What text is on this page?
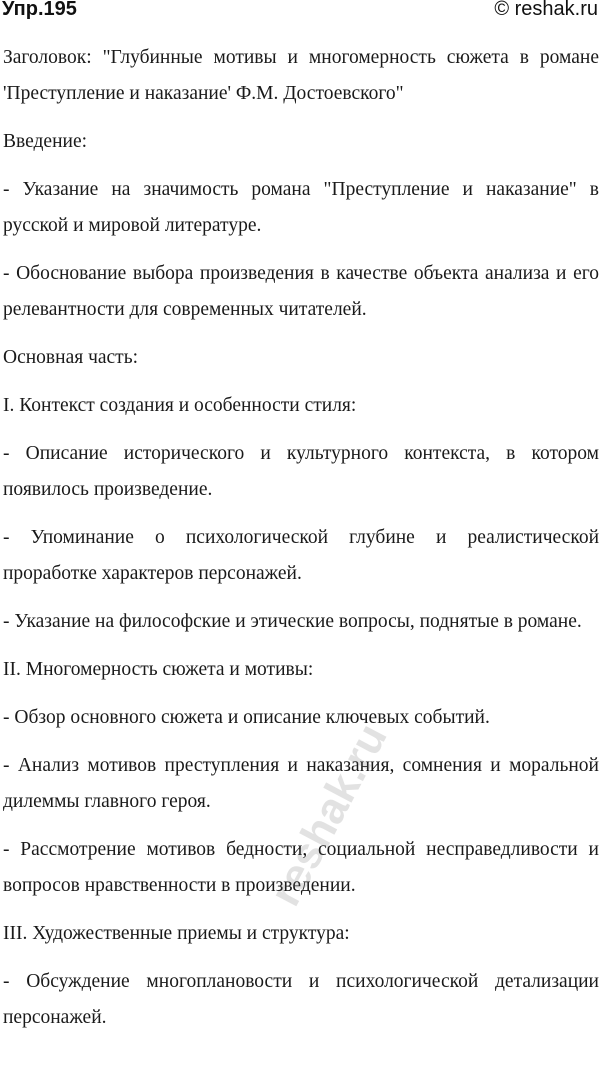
Упр.195	© reshak.ru

Заголовок: "Глубинные мотивы и многомерность сюжета в романе 'Преступление и наказание' Ф.М. Достоевского"

Введение:

- Указание на значимость романа "Преступление и наказание" в русской и мировой литературе.

- Обоснование выбора произведения в качестве объекта анализа и его релевантности для современных читателей.

Основная часть:

I. Контекст создания и особенности стиля:

- Описание исторического и культурного контекста, в котором появилось произведение.

- Упоминание о психологической глубине и реалистической проработке характеров персонажей.

- Указание на философские и этические вопросы, поднятые в романе.

II. Многомерность сюжета и мотивы:

- Обзор основного сюжета и описание ключевых событий.

- Анализ мотивов преступления и наказания, сомнения и моральной дилеммы главного героя.

- Рассмотрение мотивов бедности, социальной несправедливости и вопросов нравственности в произведении.

III. Художественные приемы и структура:

- Обсуждение многоплановости и психологической детализации персонажей.

reshak.ru
